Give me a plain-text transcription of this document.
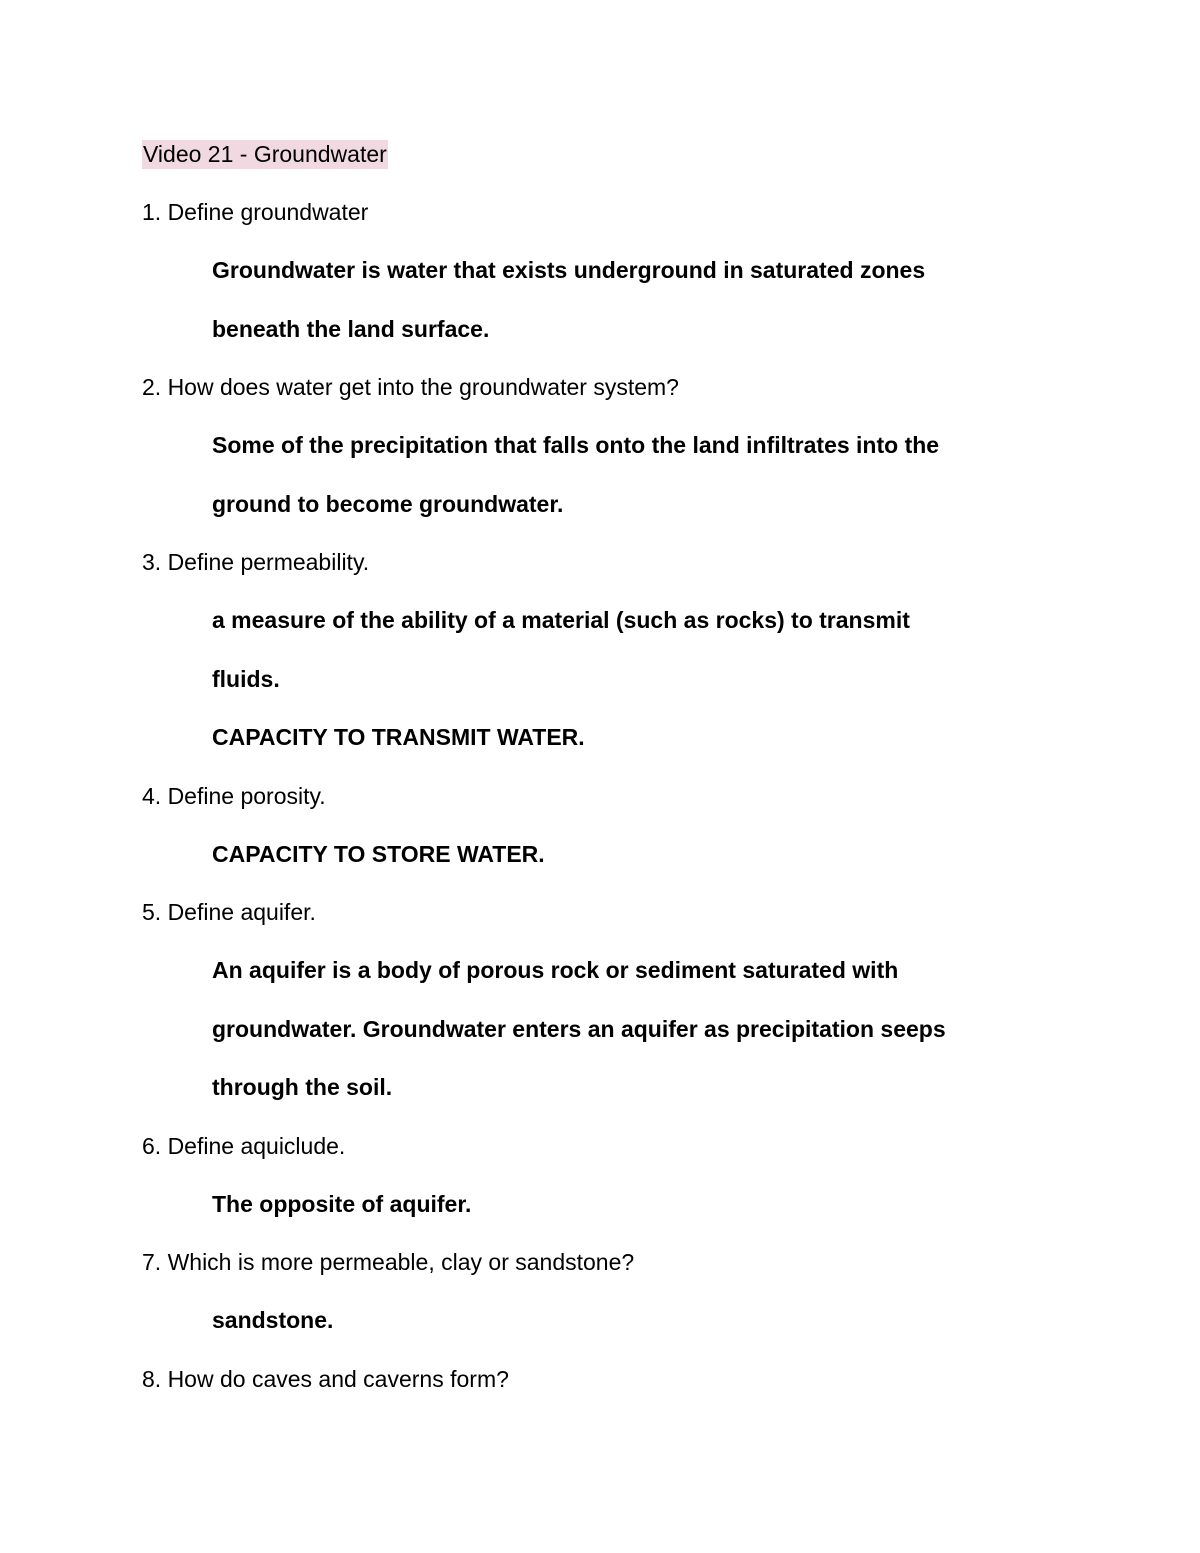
Video 21 - Groundwater
1. Define groundwater
Groundwater is water that exists underground in saturated zones
beneath the land surface.
2. How does water get into the groundwater system?
Some of the precipitation that falls onto the land infiltrates into the
ground to become groundwater.
3. Define permeability.
a measure of the ability of a material (such as rocks) to transmit
fluids.
CAPACITY TO TRANSMIT WATER.
4. Define porosity.
CAPACITY TO STORE WATER.
5. Define aquifer.
An aquifer is a body of porous rock or sediment saturated with
groundwater. Groundwater enters an aquifer as precipitation seeps
through the soil.
6. Define aquiclude.
The opposite of aquifer.
7. Which is more permeable, clay or sandstone?
sandstone.
8. How do caves and caverns form?
